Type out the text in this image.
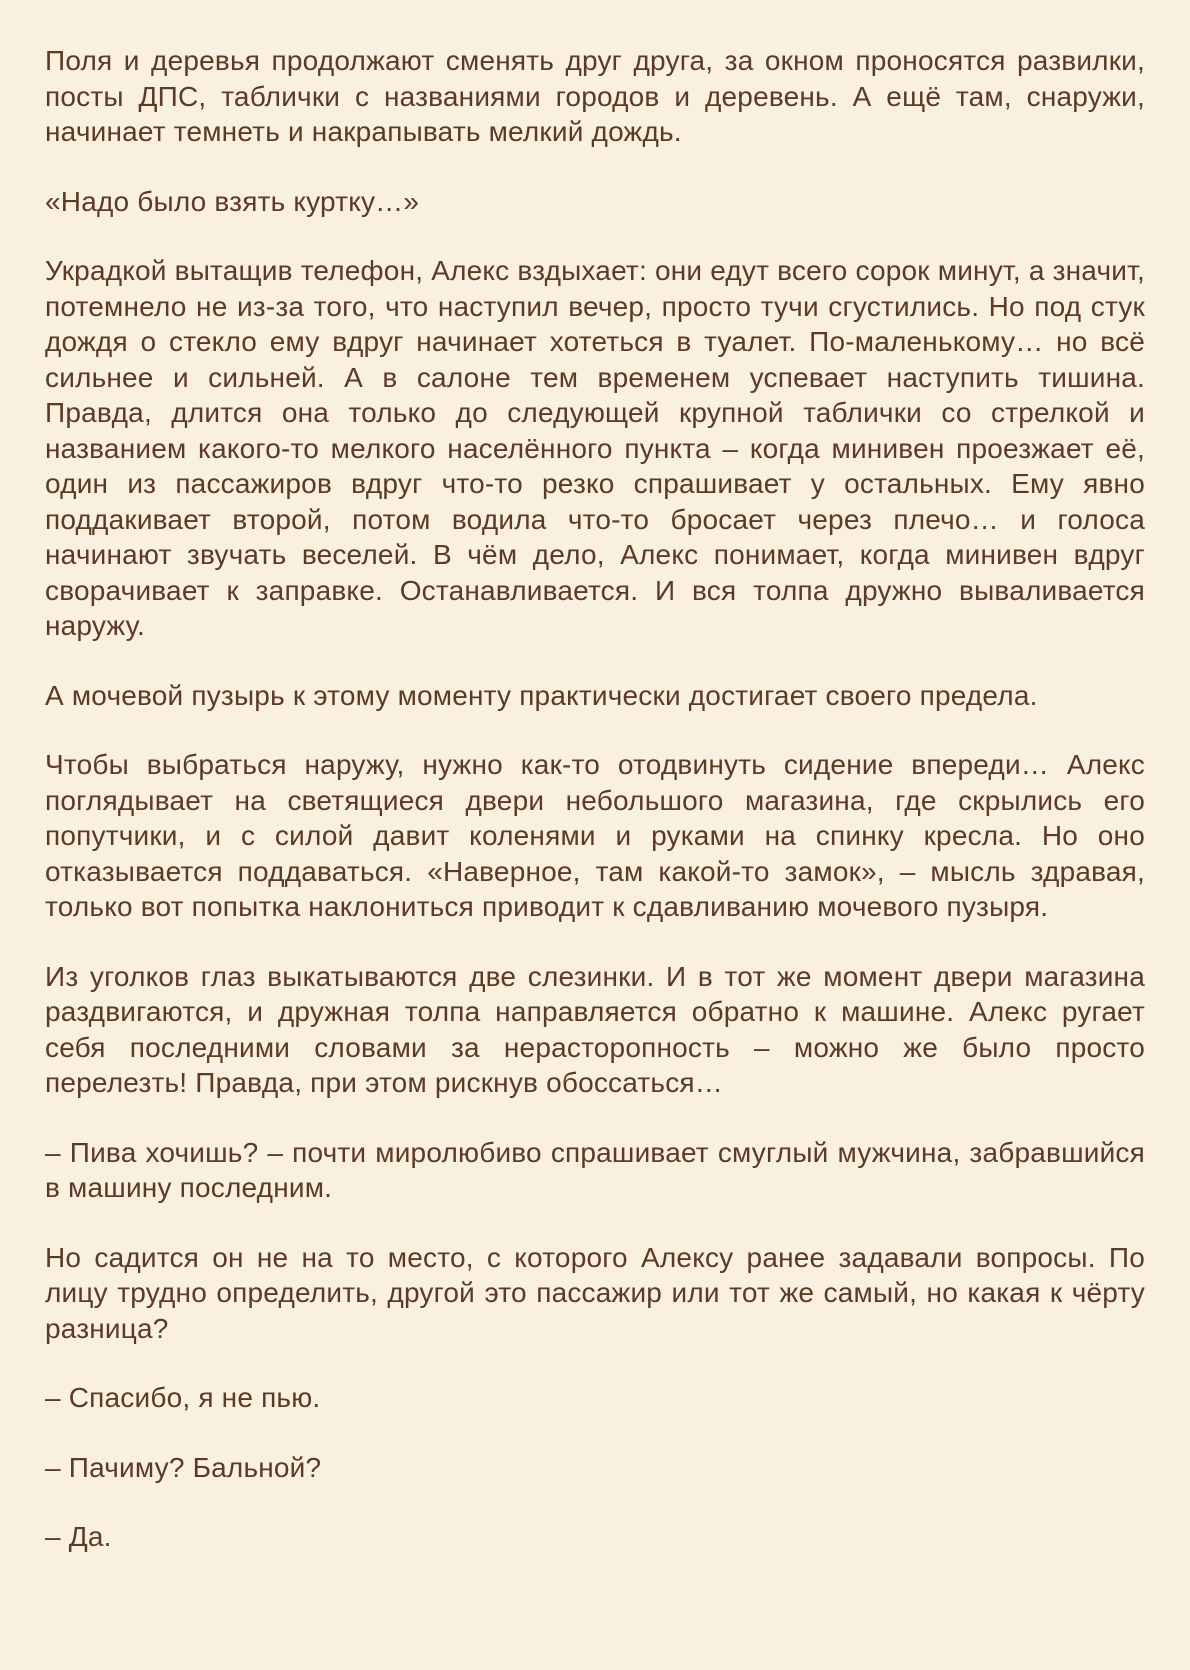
Поля и деревья продолжают сменять друг друга, за окном проносятся развилки, посты ДПС, таблички с названиями городов и деревень. А ещё там, снаружи, начинает темнеть и накрапывать мелкий дождь.

«Надо было взять куртку…»

Украдкой вытащив телефон, Алекс вздыхает: они едут всего сорок минут, а значит, потемнело не из-за того, что наступил вечер, просто тучи сгустились. Но под стук дождя о стекло ему вдруг начинает хотеться в туалет. По-маленькому… но всё сильнее и сильней. А в салоне тем временем успевает наступить тишина. Правда, длится она только до следующей крупной таблички со стрелкой и названием какого-то мелкого населённого пункта – когда минивен проезжает её, один из пассажиров вдруг что-то резко спрашивает у остальных. Ему явно поддакивает второй, потом водила что-то бросает через плечо… и голоса начинают звучать веселей. В чём дело, Алекс понимает, когда минивен вдруг сворачивает к заправке. Останавливается. И вся толпа дружно вываливается наружу.

А мочевой пузырь к этому моменту практически достигает своего предела.

Чтобы выбраться наружу, нужно как-то отодвинуть сидение впереди… Алекс поглядывает на светящиеся двери небольшого магазина, где скрылись его попутчики, и с силой давит коленями и руками на спинку кресла. Но оно отказывается поддаваться. «Наверное, там какой-то замок», – мысль здравая, только вот попытка наклониться приводит к сдавливанию мочевого пузыря.

Из уголков глаз выкатываются две слезинки. И в тот же момент двери магазина раздвигаются, и дружная толпа направляется обратно к машине. Алекс ругает себя последними словами за нерасторопность – можно же было просто перелезть! Правда, при этом рискнув обоссаться…

– Пива хочишь? – почти миролюбиво спрашивает смуглый мужчина, забравшийся в машину последним.

Но садится он не на то место, с которого Алексу ранее задавали вопросы. По лицу трудно определить, другой это пассажир или тот же самый, но какая к чёрту разница?

– Спасибо, я не пью.

– Пачиму? Бальной?

– Да.
